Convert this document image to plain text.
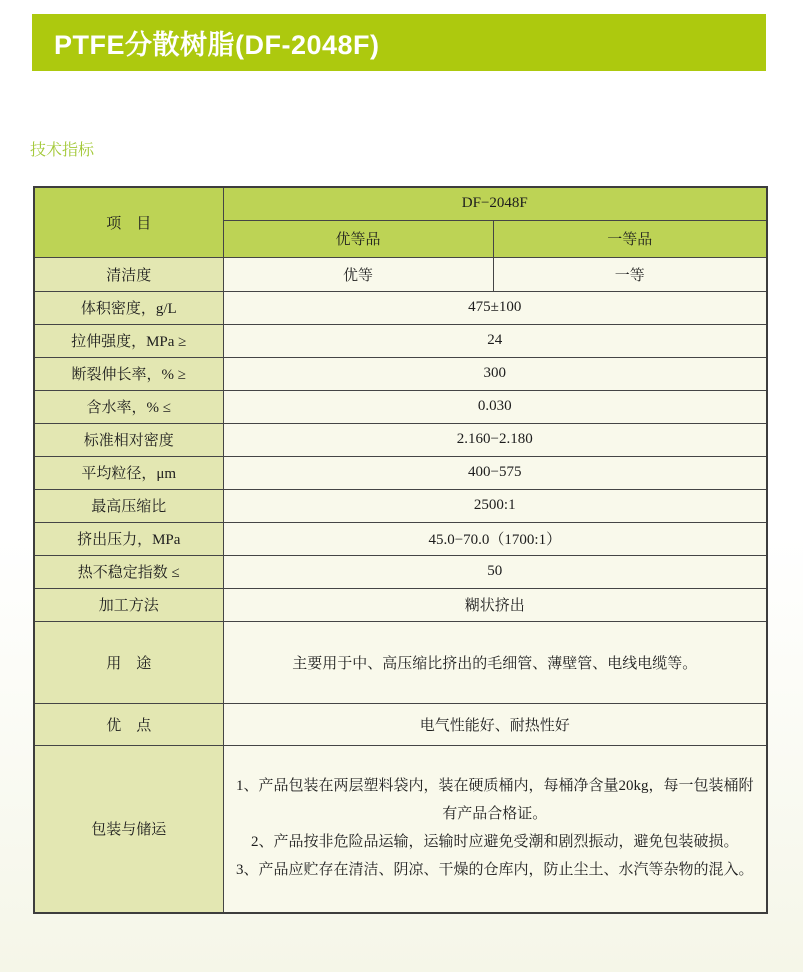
PTFE分散树脂(DF-2048F)
技术指标
项　目	DF−2048F	
	优等品	一等品
清洁度	优等	一等
体积密度，g/L	475±100	
拉伸强度，MPa ≥	24	
断裂伸长率，% ≥	300	
含水率，% ≤	0.030	
标准相对密度	2.160−2.180	
平均粒径，μm	400−575	
最高压缩比	2500:1	
挤出压力，MPa	45.0−70.0（1700:1）	
热不稳定指数 ≤	50	
加工方法	糊状挤出	
用　途	主要用于中、高压缩比挤出的毛细管、薄壁管、电线电缆等。	
优　点	电气性能好、耐热性好	
包装与储运	1、产品包装在两层塑料袋内，装在硬质桶内，每桶净含量20kg，每一包装桶附有产品合格证。
2、产品按非危险品运输，运输时应避免受潮和剧烈振动，避免包装破损。
3、产品应贮存在清洁、阴凉、干燥的仓库内，防止尘土、水汽等杂物的混入。	
